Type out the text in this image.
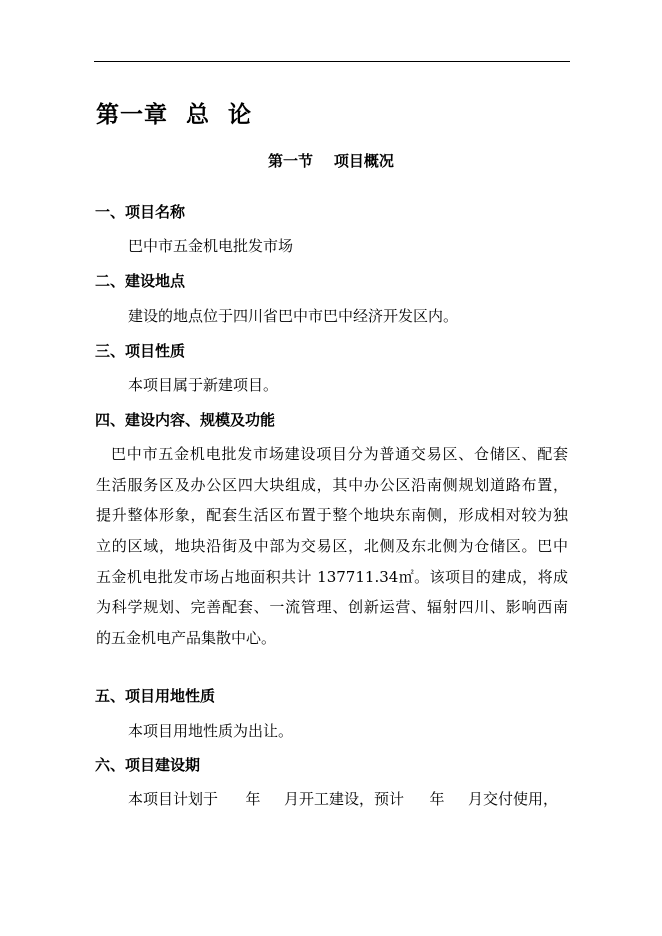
第一章  总  论
第一节    项目概况
一、项目名称
巴中市五金机电批发市场
二、建设地点
建设的地点位于四川省巴中市巴中经济开发区内。
三、项目性质
本项目属于新建项目。
四、建设内容、规模及功能
巴中市五金机电批发市场建设项目分为普通交易区、仓储区、配套
生活服务区及办公区四大块组成，其中办公区沿南侧规划道路布置，
提升整体形象，配套生活区布置于整个地块东南侧，形成相对较为独
立的区域，地块沿街及中部为交易区，北侧及东北侧为仓储区。巴中
五金机电批发市场占地面积共计 137711.34㎡。该项目的建成，将成
为科学规划、完善配套、一流管理、创新运营、辐射四川、影响西南
的五金机电产品集散中心。
五、项目用地性质
本项目用地性质为出让。
六、项目建设期
本项目计划于 年 月开工建设，预计 年 月交付使用，
